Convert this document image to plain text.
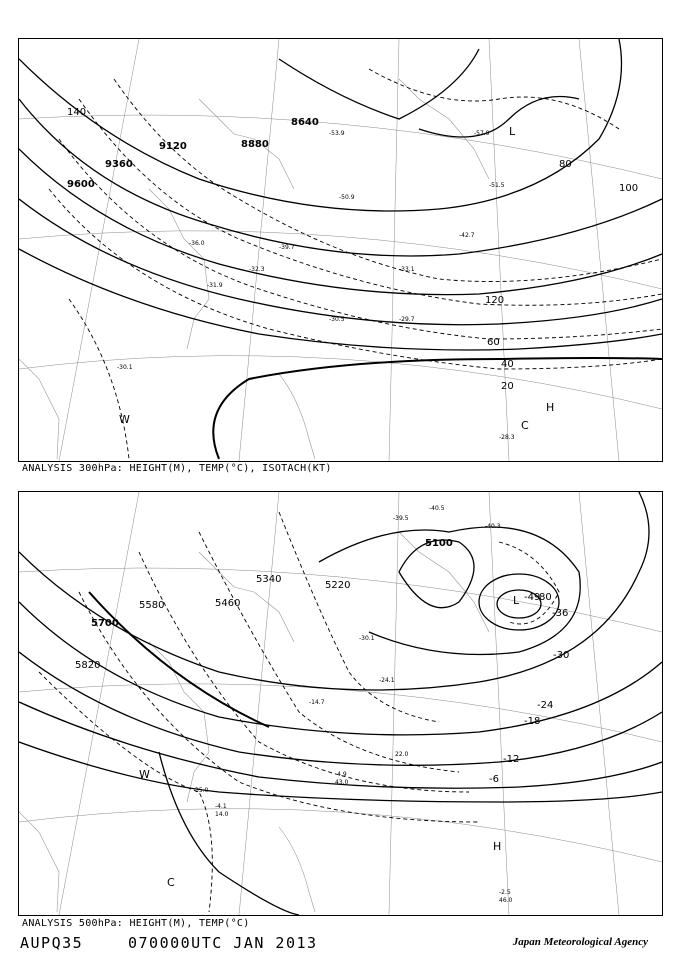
9120	8880
8640
9360
9600
20
40
60
80
100
120
140
L
H
W	C
-57.9
-53.9
-51.5
-50.9
-42.7
-39.7
-33.1
-32.3
-30.5	-29.7
-28.3
-30.1
-31.9
-36.0
ANALYSIS 300hPa: HEIGHT(M), TEMP(°C), ISOTACH(KT)
5100
5220
5340
5460
5580
5700
5820
-49
-36
-30
-24
-18
-12
-6
80
L
H
W
C
-40.5
-40.3
-39.5
-30.1
-24.1
-14.7
-4.9
-4.1
-2.5
46.0
43.0
35.0
22.0
14.0
ANALYSIS 500hPa: HEIGHT(M), TEMP(°C)
AUPQ35	070000UTC JAN 2013	Japan Meteorological Agency
